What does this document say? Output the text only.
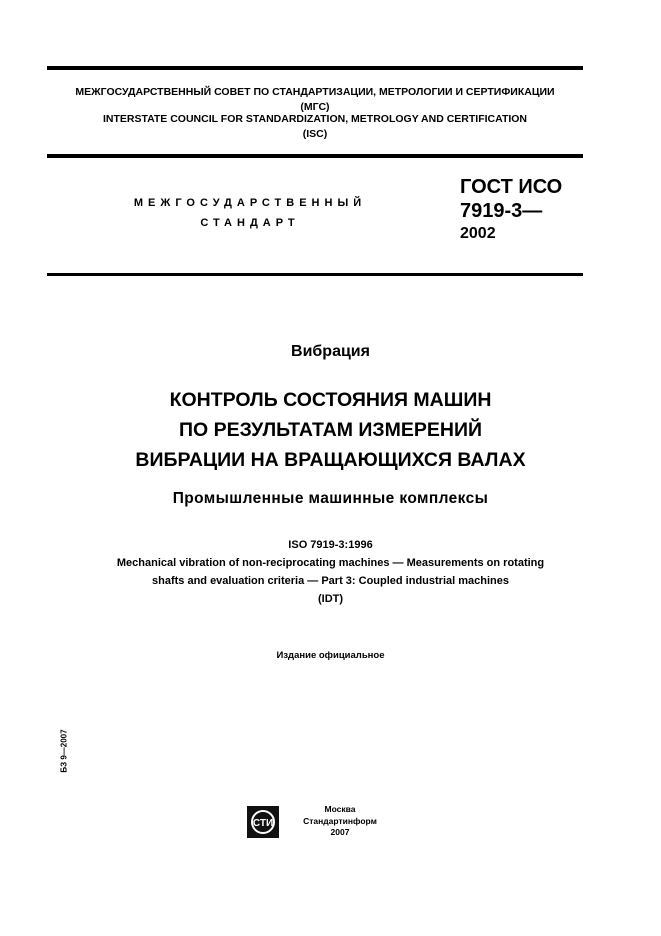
МЕЖГОСУДАРСТВЕННЫЙ СОВЕТ ПО СТАНДАРТИЗАЦИИ, МЕТРОЛОГИИ И СЕРТИФИКАЦИИ
(МГС)
INTERSTATE COUNCIL FOR STANDARDIZATION, METROLOGY AND CERTIFICATION
(ISC)
МЕЖГОСУДАРСТВЕННЫЙ
СТАНДАРТ
ГОСТ ИСО
7919-3—
2002
Вибрация
КОНТРОЛЬ СОСТОЯНИЯ МАШИН
ПО РЕЗУЛЬТАТАМ ИЗМЕРЕНИЙ
ВИБРАЦИИ НА ВРАЩАЮЩИХСЯ ВАЛАХ
Промышленные машинные комплексы
ISO 7919-3:1996
Mechanical vibration of non-reciprocating machines — Measurements on rotating
shafts and evaluation criteria — Part 3: Coupled industrial machines
(IDT)
Издание официальное
БЗ 9—2007
СТИ
Москва
Стандартинформ
2007
